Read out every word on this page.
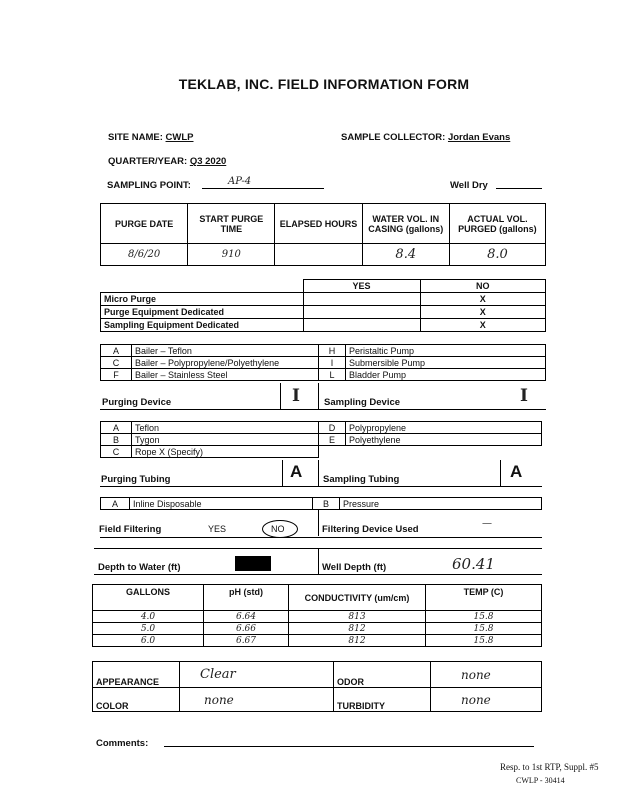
TEKLAB, INC. FIELD INFORMATION FORM
SITE NAME: CWLP	SAMPLE COLLECTOR: Jordan Evans
QUARTER/YEAR: Q3 2020
SAMPLING POINT:	AP-4	Well Dry
PURGE DATE	START PURGE TIME	ELAPSED HOURS	WATER VOL. IN CASING (gallons)	ACTUAL VOL. PURGED (gallons)
8/6/20	910		8.4	8.0
	YES	NO
Micro Purge		X
Purge Equipment Dedicated		X
Sampling Equipment Dedicated		X
A	Bailer – Teflon	H	Peristaltic Pump
C	Bailer – Polypropylene/Polyethylene	I	Submersible Pump
F	Bailer – Stainless Steel	L	Bladder Pump
Purging Device	I	Sampling Device	I
A	Teflon	D	Polypropylene
B	Tygon	E	Polyethylene
C	Rope X (Specify)		
Purging Tubing	A Sampling Tubing	A
A	Inline Disposable	B	Pressure
Field Filtering	YES	NO	Filtering Device Used
—
Depth to Water (ft)	Well Depth (ft)	60.41
GALLONS	pH (std)	CONDUCTIVITY (um/cm)	TEMP (C)
4.0	6.64	813	15.8
5.0	6.66	812	15.8
6.0	6.67	812	15.8
APPEARANCE	Clear	ODOR	none
COLOR	none	TURBIDITY	none
Comments:
Resp. to 1st RTP, Suppl. #5
CWLP - 30414
